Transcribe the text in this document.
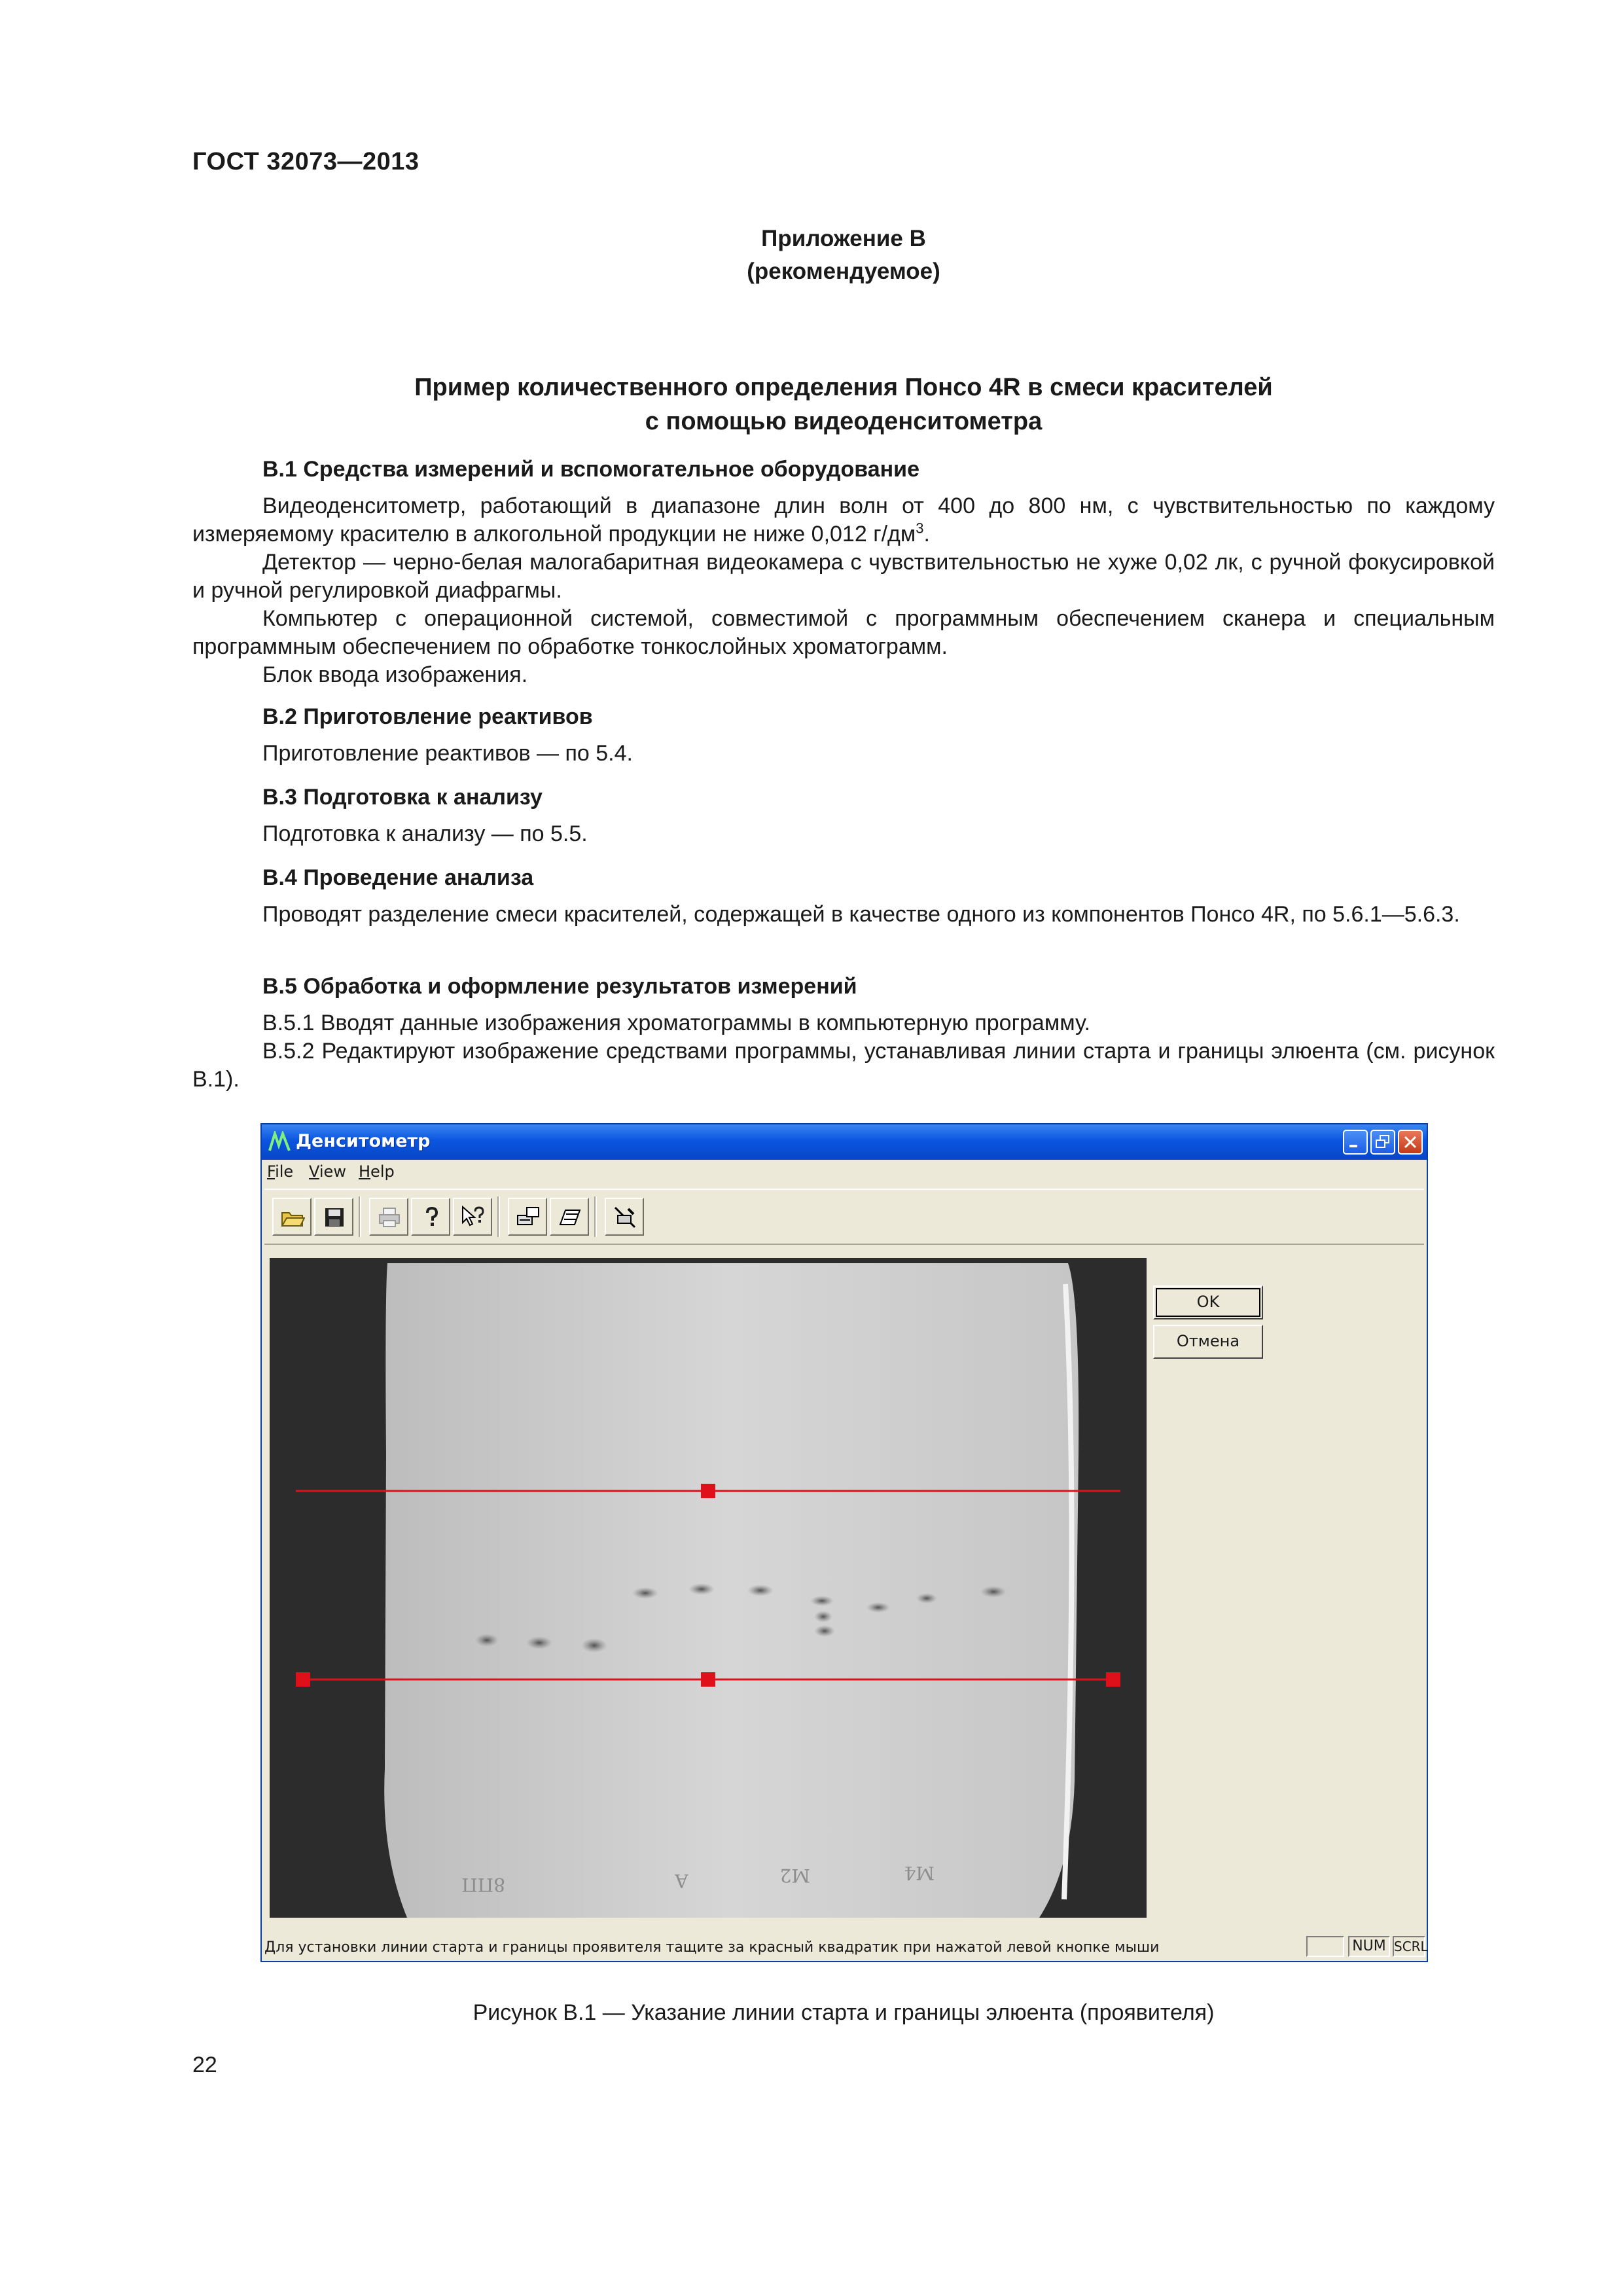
ГОСТ 32073—2013
Приложение В
(рекомендуемое)
Пример количественного определения Понсо 4R в смеси красителей
с помощью видеоденситометра
В.1 Средства измерений и вспомогательное оборудование
Видеоденситометр, работающий в диапазоне длин волн от 400 до 800 нм, с чувствительностью по каждому измеряемому красителю в алкогольной продукции не ниже 0,012 $г/дм^3$.
Детектор — черно-белая малогабаритная видеокамера с чувствительностью не хуже 0,02 лк, с ручной фокусировкой и ручной регулировкой диафрагмы.
Компьютер с операционной системой, совместимой с программным обеспечением сканера и специальным программным обеспечением по обработке тонкослойных хроматограмм.
Блок ввода изображения.
В.2 Приготовление реактивов
Приготовление реактивов — по 5.4.
В.3 Подготовка к анализу
Подготовка к анализу — по 5.5.
В.4 Проведение анализа
Проводят разделение смеси красителей, содержащей в качестве одного из компонентов Понсо 4R, по 5.6.1—5.6.3.
В.5 Обработка и оформление результатов измерений
В.5.1 Вводят данные изображения хроматограммы в компьютерную программу.
В.5.2 Редактируют изображение средствами программы, устанавливая линии старта и границы элюента (см. рисунок В.1).
Денситометр
File View Help
8ПП	А	М2	М4
OK
Отмена
Для установки линии старта и границы проявителя тащите за красный квадратик при нажатой левой кнопке мыши	NUM SCRL
Рисунок В.1 — Указание линии старта и границы элюента (проявителя)
22
